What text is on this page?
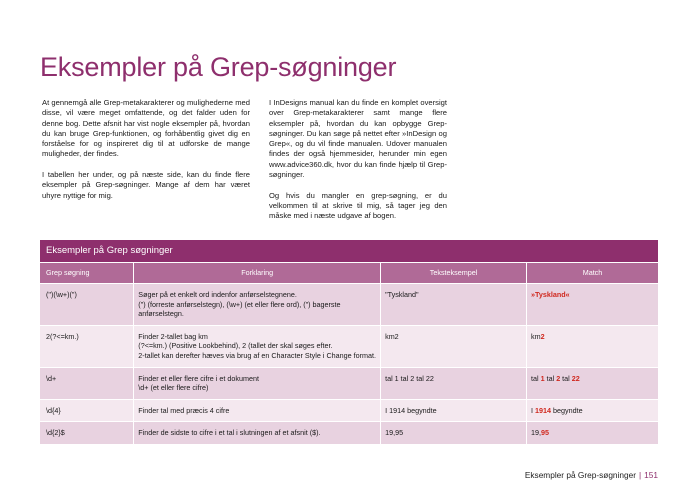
Eksempler på Grep-søgninger

At gennemgå alle Grep-metakarakterer og mulighederne med disse, vil være meget omfattende, og det falder uden for denne bog. Dette afsnit har vist nogle eksempler på, hvordan du kan bruge Grep-funktionen, og forhåbentlig givet dig en forståelse for og inspireret dig til at udforske de mange muligheder, der findes.

I tabellen her under, og på næste side, kan du finde flere eksempler på Grep-søgninger. Mange af dem har været uhyre nyttige for mig.

I InDesigns manual kan du finde en komplet oversigt over Grep-metakarakterer samt mange flere eksempler på, hvordan du kan opbygge Grep-søgninger. Du kan søge på nettet efter »InDesign og Grep«, og du vil finde manualen. Udover manualen findes der også hjemmesider, herunder min egen www.advice360.dk, hvor du kan finde hjælp til Grep-søgninger.

Og hvis du mangler en grep-søgning, er du velkommen til at skrive til mig, så tager jeg den måske med i næste udgave af bogen.

Eksempler på Grep søgninger			
Grep søgning	Forklaring	Teksteksempel	Match
(")(\w+)(")	Søger på et enkelt ord indenfor anførselstegnene.
(") (forreste anførselstegn), (\w+) (et eller flere ord), (") bagerste anførselstegn.	"Tyskland"	»Tyskland«
2(?<=km.)	Finder 2-tallet bag km
(?<=km.) (Positive Lookbehind), 2 (tallet der skal søges efter.
2-tallet kan derefter hæves via brug af en Character Style i Change format.	km2	km2
\d+	Finder et eller flere cifre i et dokument
\d+ (et eller flere cifre)	tal 1 tal 2 tal 22	tal 1 tal 2 tal 22
\d{4}	Finder tal med præcis 4 cifre	I 1914 begyndte	I 1914 begyndte
\d{2}$	Finder de sidste to cifre i et tal i slutningen af et afsnit ($).	19,95	19,95
Eksempler på Grep-søgninger | 151
